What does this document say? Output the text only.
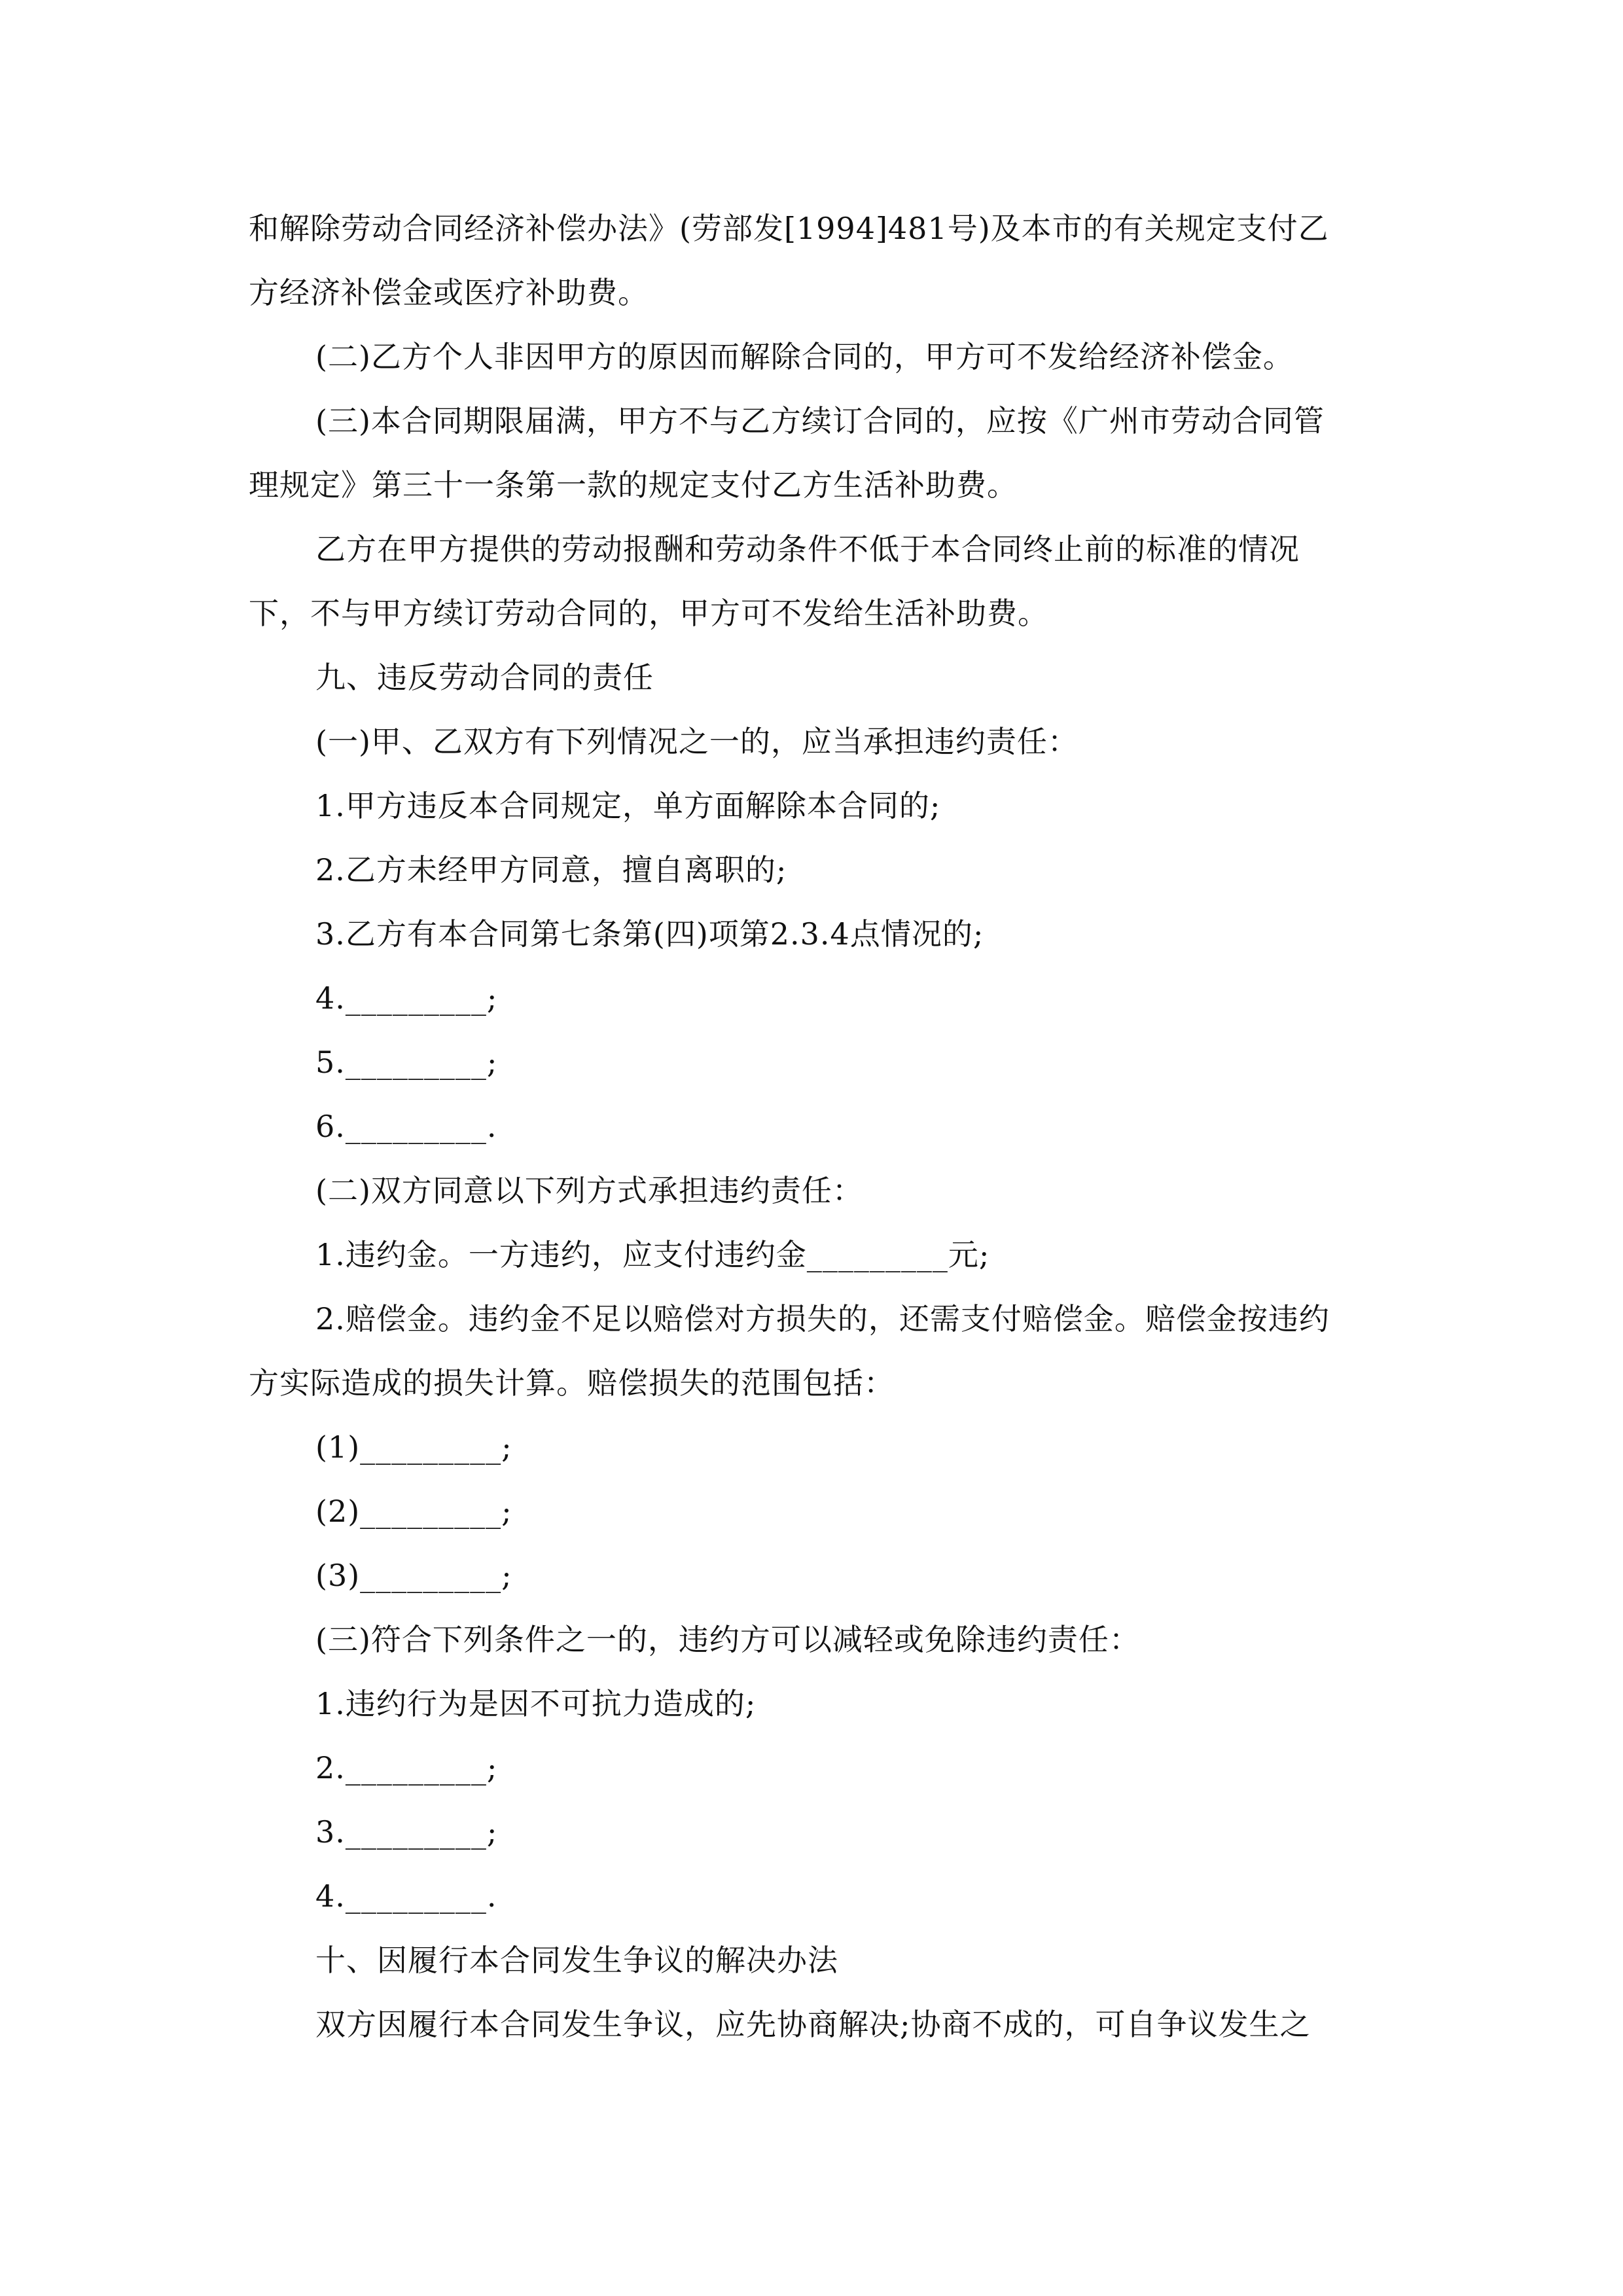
和解除劳动合同经济补偿办法》(劳部发[1994]481号)及本市的有关规定支付乙
方经济补偿金或医疗补助费。
(二)乙方个人非因甲方的原因而解除合同的，甲方可不发给经济补偿金。
(三)本合同期限届满，甲方不与乙方续订合同的，应按《广州市劳动合同管
理规定》第三十一条第一款的规定支付乙方生活补助费。
乙方在甲方提供的劳动报酬和劳动条件不低于本合同终止前的标准的情况
下，不与甲方续订劳动合同的，甲方可不发给生活补助费。
九、违反劳动合同的责任
(一)甲、乙双方有下列情况之一的，应当承担违约责任：
1.甲方违反本合同规定，单方面解除本合同的;
2.乙方未经甲方同意，擅自离职的;
3.乙方有本合同第七条第(四)项第2.3.4点情况的;
4._________;
5._________;
6._________.
(二)双方同意以下列方式承担违约责任：
1.违约金。一方违约，应支付违约金_________元;
2.赔偿金。违约金不足以赔偿对方损失的，还需支付赔偿金。赔偿金按违约
方实际造成的损失计算。赔偿损失的范围包括：
(1)_________;
(2)_________;
(3)_________;
(三)符合下列条件之一的，违约方可以减轻或免除违约责任：
1.违约行为是因不可抗力造成的;
2._________;
3._________;
4._________.
十、因履行本合同发生争议的解决办法
双方因履行本合同发生争议，应先协商解决;协商不成的，可自争议发生之
